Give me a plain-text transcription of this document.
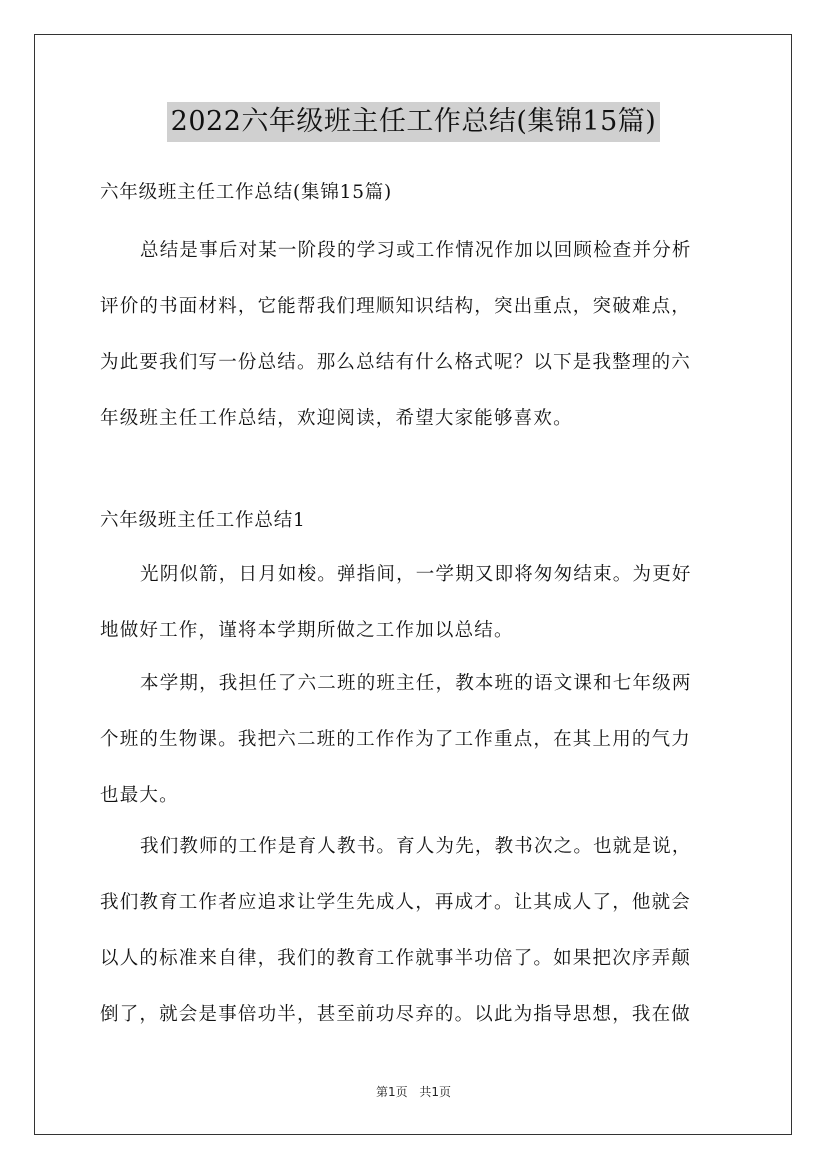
2022六年级班主任工作总结(集锦15篇)
六年级班主任工作总结(集锦15篇)
总结是事后对某一阶段的学习或工作情况作加以回顾检查并分析
评价的书面材料，它能帮我们理顺知识结构，突出重点，突破难点，
为此要我们写一份总结。那么总结有什么格式呢？以下是我整理的六
年级班主任工作总结，欢迎阅读，希望大家能够喜欢。
六年级班主任工作总结1
光阴似箭，日月如梭。弹指间，一学期又即将匆匆结束。为更好
地做好工作，谨将本学期所做之工作加以总结。
本学期，我担任了六二班的班主任，教本班的语文课和七年级两
个班的生物课。我把六二班的工作作为了工作重点，在其上用的气力
也最大。
我们教师的工作是育人教书。育人为先，教书次之。也就是说，
我们教育工作者应追求让学生先成人，再成才。让其成人了，他就会
以人的标准来自律，我们的教育工作就事半功倍了。如果把次序弄颠
倒了，就会是事倍功半，甚至前功尽弃的。以此为指导思想，我在做
第1页 共1页
